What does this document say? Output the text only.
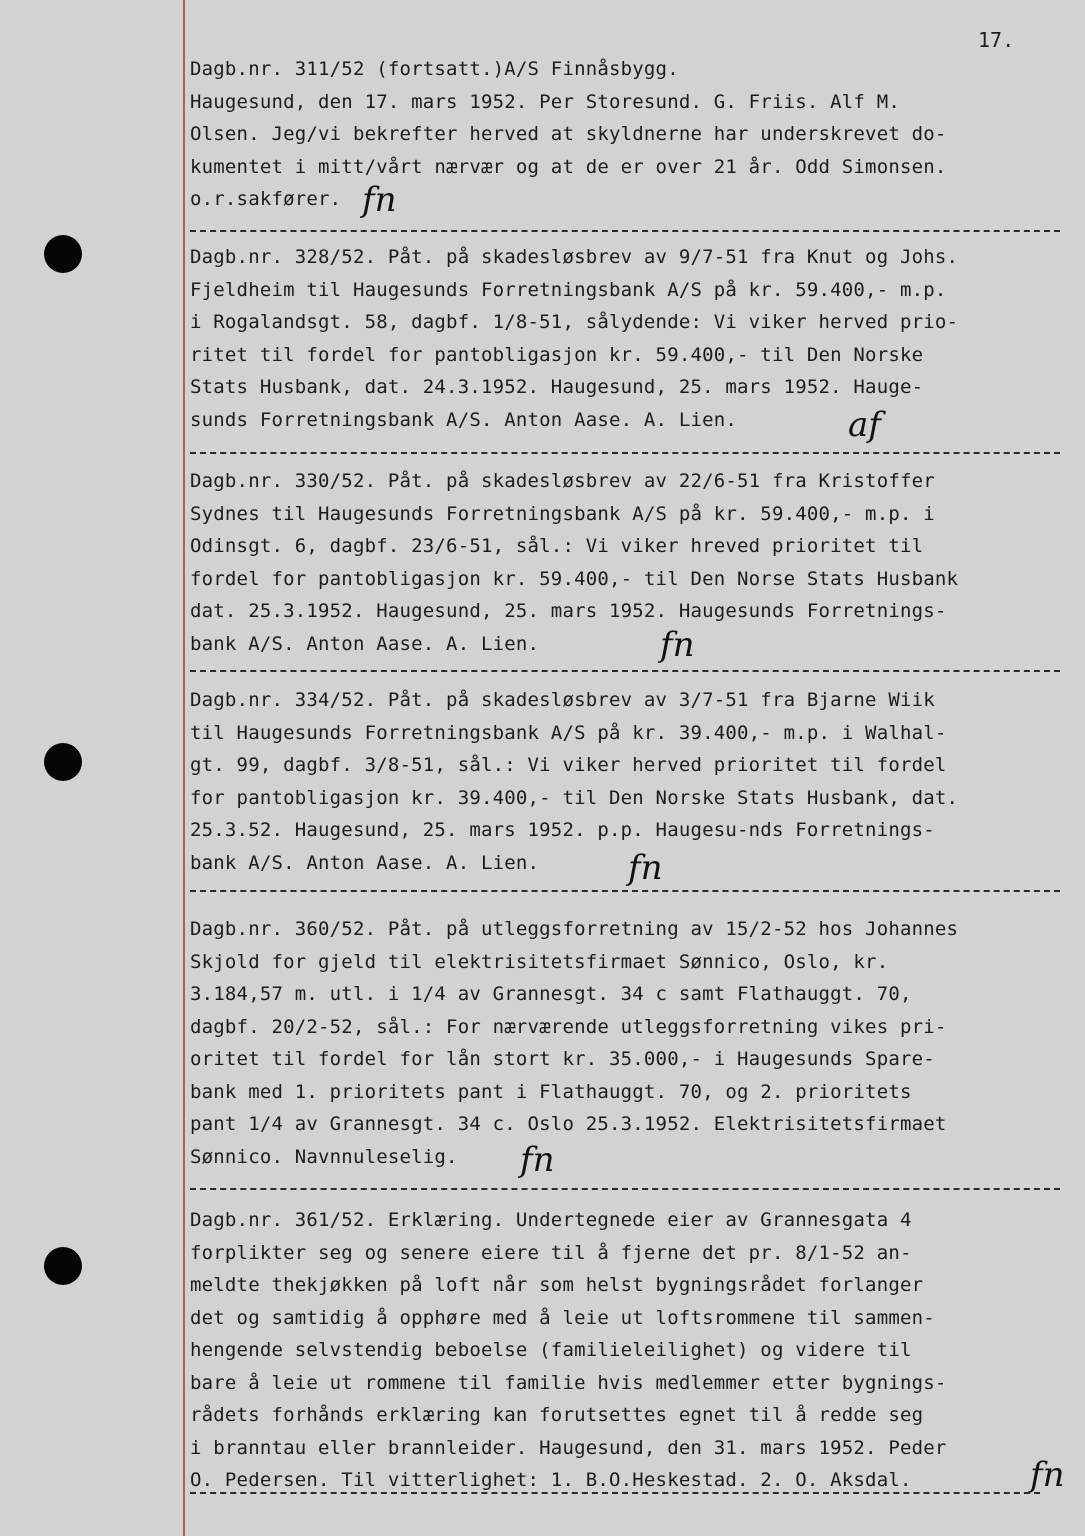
17.
Dagb.nr. 311/52 (fortsatt.)A/S Finnåsbygg.
Haugesund, den 17. mars 1952. Per Storesund. G. Friis. Alf M.
Olsen. Jeg/vi bekrefter herved at skyldnerne har underskrevet do-
kumentet i mitt/vårt nærvær og at de er over 21 år. Odd Simonsen.
o.r.sakfører. fn
Dagb.nr. 328/52. Påt. på skadesløsbrev av 9/7-51 fra Knut og Johs.
Fjeldheim til Haugesunds Forretningsbank A/S på kr. 59.400,- m.p.
i Rogalandsgt. 58, dagbf. 1/8-51, sålydende: Vi viker herved prio-
ritet til fordel for pantobligasjon kr. 59.400,- til Den Norske
Stats Husbank, dat. 24.3.1952. Haugesund, 25. mars 1952. Hauge-
sunds Forretningsbank A/S. Anton Aase. A. Lien.	af
Dagb.nr. 330/52. Påt. på skadesløsbrev av 22/6-51 fra Kristoffer
Sydnes til Haugesunds Forretningsbank A/S på kr. 59.400,- m.p. i
Odinsgt. 6, dagbf. 23/6-51, sål.: Vi viker hreved prioritet til
fordel for pantobligasjon kr. 59.400,- til Den Norse Stats Husbank
dat. 25.3.1952. Haugesund, 25. mars 1952. Haugesunds Forretnings-
bank A/S. Anton Aase. A. Lien.	fn
Dagb.nr. 334/52. Påt. på skadesløsbrev av 3/7-51 fra Bjarne Wiik
til Haugesunds Forretningsbank A/S på kr. 39.400,- m.p. i Walhal-
gt. 99, dagbf. 3/8-51, sål.: Vi viker herved prioritet til fordel
for pantobligasjon kr. 39.400,- til Den Norske Stats Husbank, dat.
25.3.52. Haugesund, 25. mars 1952. p.p. Haugesu-nds Forretnings-
bank A/S. Anton Aase. A. Lien.	fn
Dagb.nr. 360/52. Påt. på utleggsforretning av 15/2-52 hos Johannes
Skjold for gjeld til elektrisitetsfirmaet Sønnico, Oslo, kr.
3.184,57 m. utl. i 1/4 av Grannesgt. 34 c samt Flathauggt. 70,
dagbf. 20/2-52, sål.: For nærværende utleggsforretning vikes pri-
oritet til fordel for lån stort kr. 35.000,- i Haugesunds Spare-
bank med 1. prioritets pant i Flathauggt. 70, og 2. prioritets
pant 1/4 av Grannesgt. 34 c. Oslo 25.3.1952. Elektrisitetsfirmaet
Sønnico. Navnnuleselig.	fn
Dagb.nr. 361/52. Erklæring. Undertegnede eier av Grannesgata 4
forplikter seg og senere eiere til å fjerne det pr. 8/1-52 an-
meldte thekjøkken på loft når som helst bygningsrådet forlanger
det og samtidig å opphøre med å leie ut loftsrommene til sammen-
hengende selvstendig beboelse (familieleilighet) og videre til
bare å leie ut rommene til familie hvis medlemmer etter bygnings-
rådets forhånds erklæring kan forutsettes egnet til å redde seg
i branntau eller brannleider. Haugesund, den 31. mars 1952. Peder
O. Pedersen. Til vitterlighet: 1. B.O.Heskestad. 2. O. Aksdal.	fn
